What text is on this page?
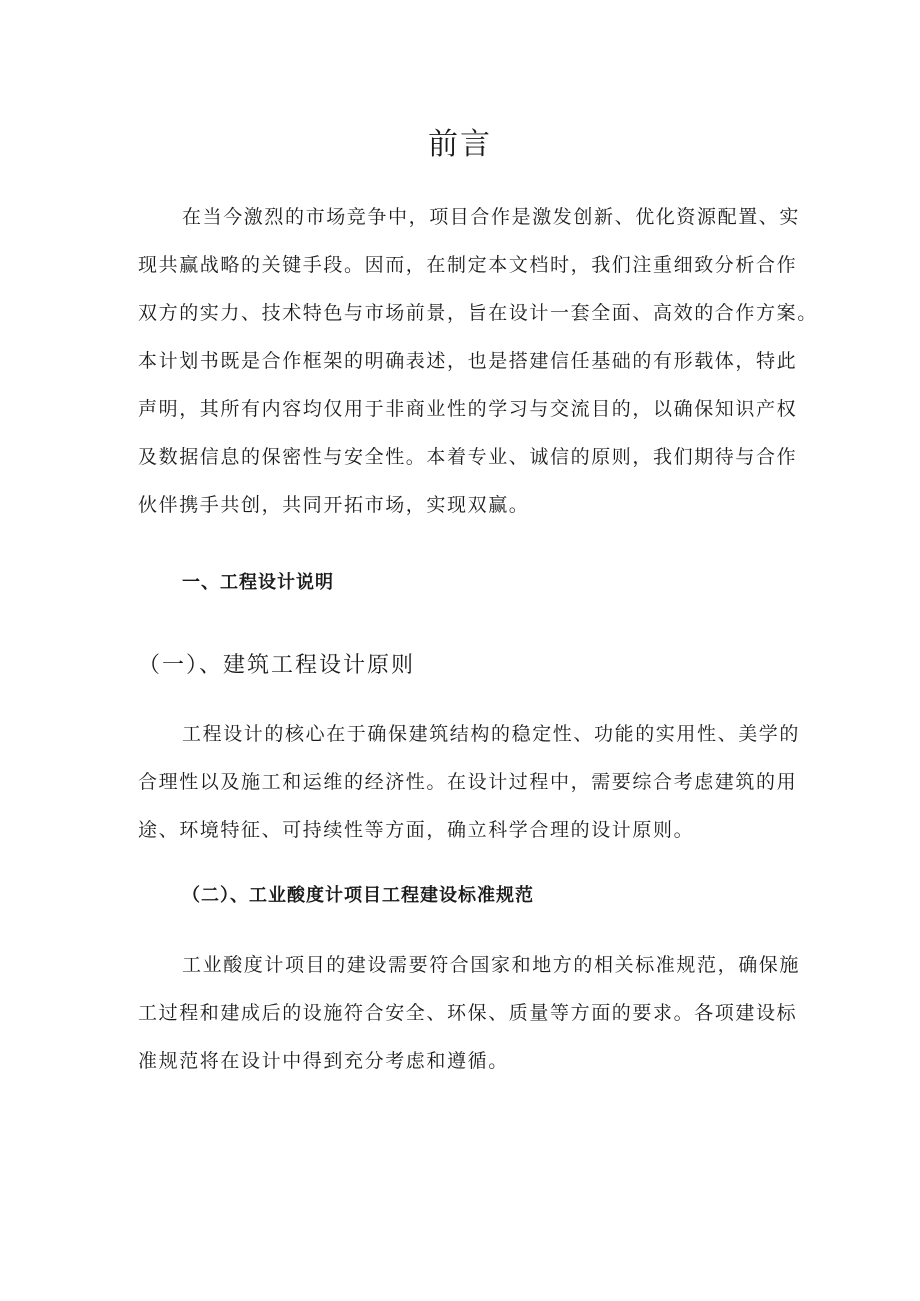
前言
在当今激烈的市场竞争中，项目合作是激发创新、优化资源配置、实
现共赢战略的关键手段。因而，在制定本文档时，我们注重细致分析合作
双方的实力、技术特色与市场前景，旨在设计一套全面、高效的合作方案。
本计划书既是合作框架的明确表述，也是搭建信任基础的有形载体，特此
声明，其所有内容均仅用于非商业性的学习与交流目的，以确保知识产权
及数据信息的保密性与安全性。本着专业、诚信的原则，我们期待与合作
伙伴携手共创，共同开拓市场，实现双赢。
一、工程设计说明
（一）、建筑工程设计原则
工程设计的核心在于确保建筑结构的稳定性、功能的实用性、美学的
合理性以及施工和运维的经济性。在设计过程中，需要综合考虑建筑的用
途、环境特征、可持续性等方面，确立科学合理的设计原则。
（二）、工业酸度计项目工程建设标准规范
工业酸度计项目的建设需要符合国家和地方的相关标准规范，确保施
工过程和建成后的设施符合安全、环保、质量等方面的要求。各项建设标
准规范将在设计中得到充分考虑和遵循。
